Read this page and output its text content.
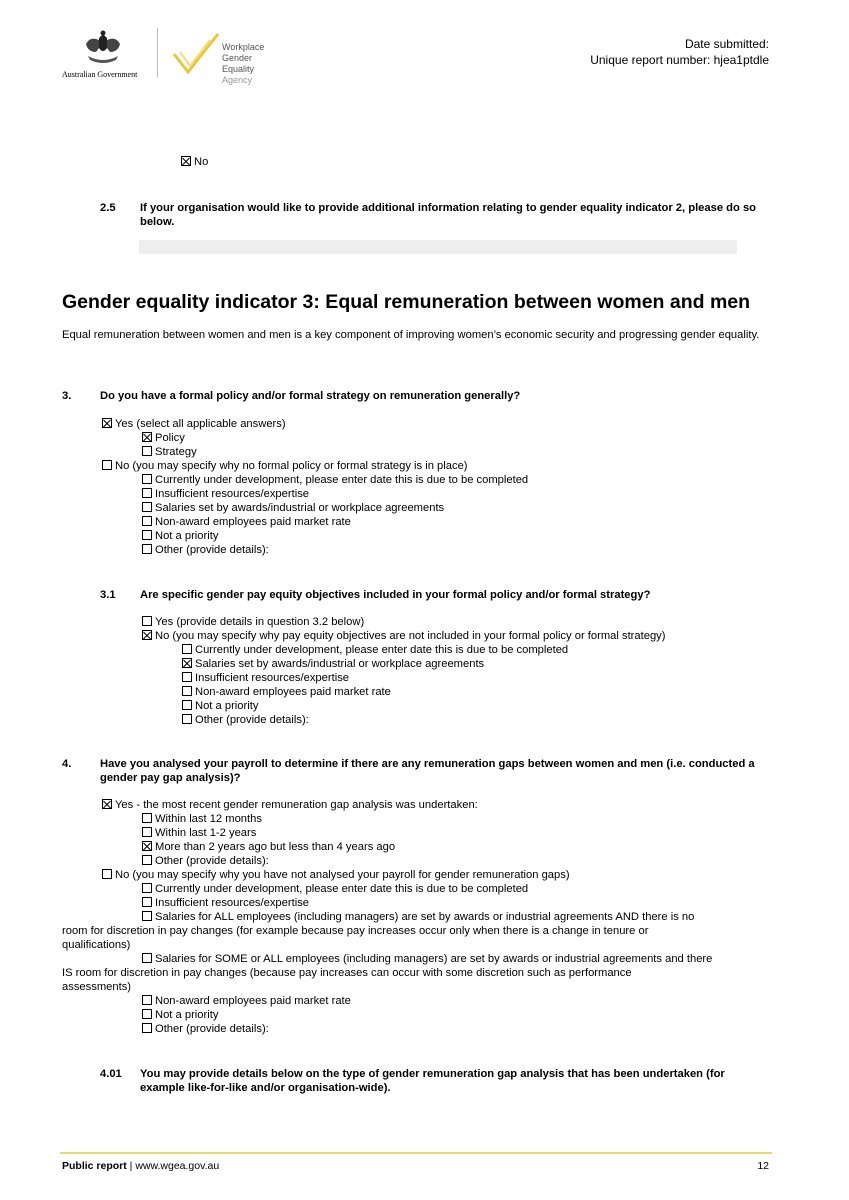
Australian Government
Workplace
Gender Equality
Agency
Date submitted:
Unique report number: hjea1ptdle
No
2.5 If your organisation would like to provide additional information relating to gender equality indicator 2, please do so below.
Gender equality indicator 3: Equal remuneration between women and men
Equal remuneration between women and men is a key component of improving women’s economic security and progressing gender equality.
3.	Do you have a formal policy and/or formal strategy on remuneration generally?
Yes (select all applicable answers)
Policy
Strategy
No (you may specify why no formal policy or formal strategy is in place)
Currently under development, please enter date this is due to be completed
Insufficient resources/expertise
Salaries set by awards/industrial or workplace agreements
Non-award employees paid market rate
Not a priority
Other (provide details):
3.1 Are specific gender pay equity objectives included in your formal policy and/or formal strategy?
Yes (provide details in question 3.2 below)
No (you may specify why pay equity objectives are not included in your formal policy or formal strategy)
Currently under development, please enter date this is due to be completed
Salaries set by awards/industrial or workplace agreements
Insufficient resources/expertise
Non-award employees paid market rate
Not a priority
Other (provide details):
4.	Have you analysed your payroll to determine if there are any remuneration gaps between women and men (i.e. conducted a gender pay gap analysis)?
Yes - the most recent gender remuneration gap analysis was undertaken:
Within last 12 months
Within last 1-2 years
More than 2 years ago but less than 4 years ago
Other (provide details):
No (you may specify why you have not analysed your payroll for gender remuneration gaps)
Currently under development, please enter date this is due to be completed
Insufficient resources/expertise
Salaries for ALL employees (including managers) are set by awards or industrial agreements AND there is no
room for discretion in pay changes (for example because pay increases occur only when there is a change in tenure or
qualifications)
Salaries for SOME or ALL employees (including managers) are set by awards or industrial agreements and there
IS room for discretion in pay changes (because pay increases can occur with some discretion such as performance
assessments)
Non-award employees paid market rate
Not a priority
Other (provide details):
4.01 You may provide details below on the type of gender remuneration gap analysis that has been undertaken (for example like-for-like and/or organisation-wide).
Public report | www.wgea.gov.au	12
